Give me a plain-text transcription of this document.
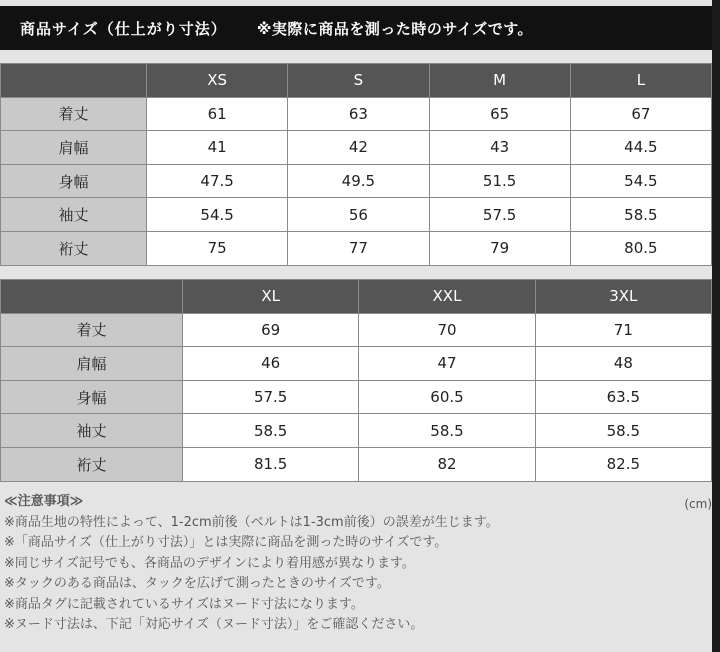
商品サイズ（仕上がり寸法） ※実際に商品を測った時のサイズです。
	XS	S	M	L
着丈	61	63	65	67
肩幅	41	42	43	44.5
身幅	47.5	49.5	51.5	54.5
袖丈	54.5	56	57.5	58.5
裄丈	75	77	79	80.5
	XL	XXL	3XL
着丈	69	70	71
肩幅	46	47	48
身幅	57.5	60.5	63.5
袖丈	58.5	58.5	58.5
裄丈	81.5	82	82.5
(cm)
≪注意事項≫
※商品生地の特性によって、1-2cm前後（ベルトは1-3cm前後）の誤差が生じます。
※「商品サイズ（仕上がり寸法）」とは実際に商品を測った時のサイズです。
※同じサイズ記号でも、各商品のデザインにより着用感が異なります。
※タックのある商品は、タックを広げて測ったときのサイズです。
※商品タグに記載されているサイズはヌード寸法になります。
※ヌード寸法は、下記「対応サイズ（ヌード寸法）」をご確認ください。
